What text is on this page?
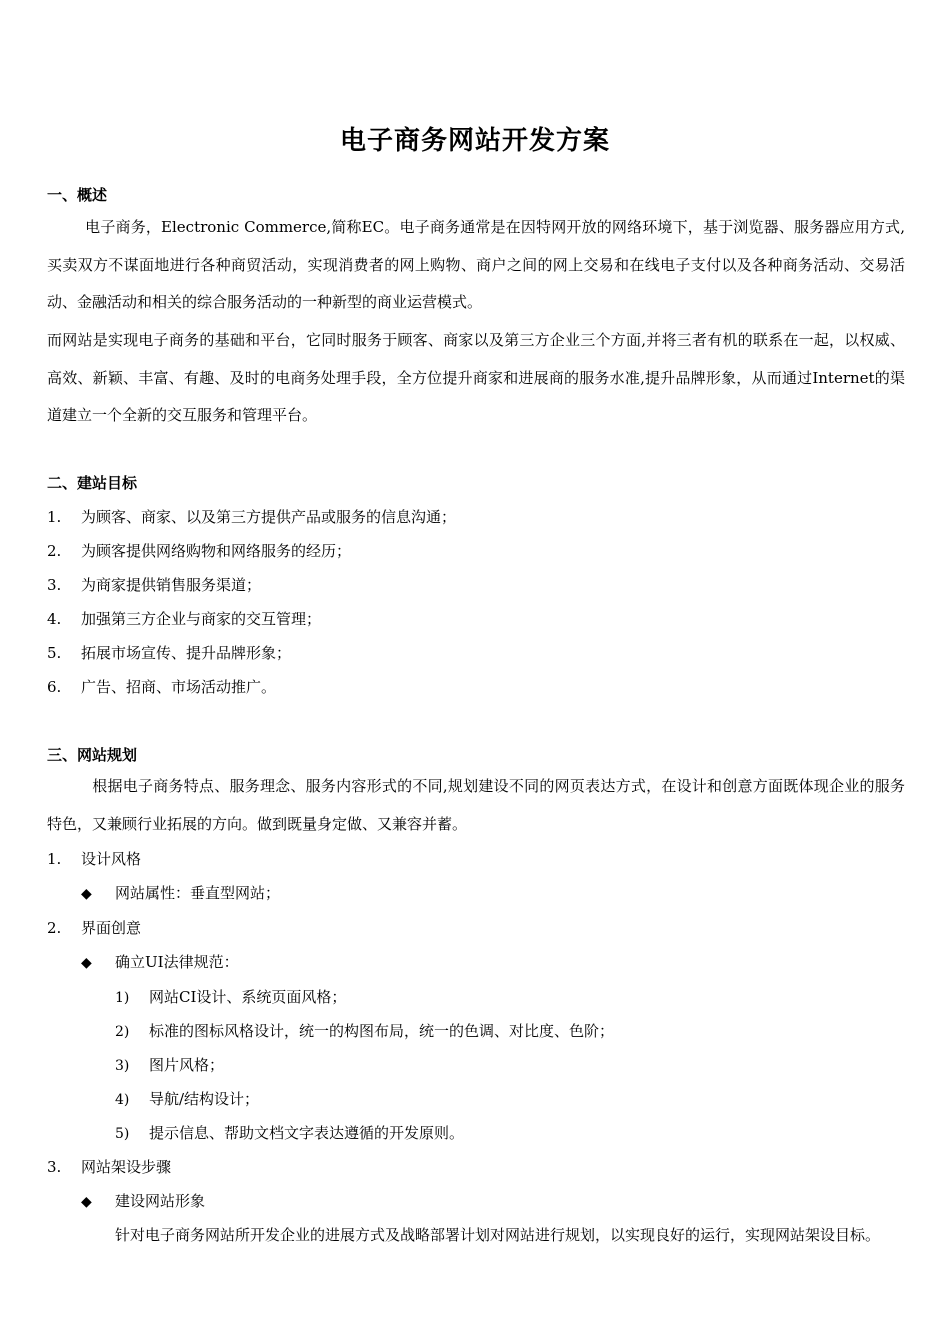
电子商务网站开发方案
一、概述
电子商务，Electronic Commerce,简称EC。电子商务通常是在因特网开放的网络环境下，基于浏览器、服务器应用方式,买卖双方不谋面地进行各种商贸活动，实现消费者的网上购物、商户之间的网上交易和在线电子支付以及各种商务活动、交易活动、金融活动和相关的综合服务活动的一种新型的商业运营模式。
而网站是实现电子商务的基础和平台，它同时服务于顾客、商家以及第三方企业三个方面,并将三者有机的联系在一起，以权威、高效、新颖、丰富、有趣、及时的电商务处理手段，全方位提升商家和进展商的服务水准,提升品牌形象，从而通过Internet的渠道建立一个全新的交互服务和管理平台。
二、建站目标
1. 为顾客、商家、以及第三方提供产品或服务的信息沟通；
2. 为顾客提供网络购物和网络服务的经历；
3. 为商家提供销售服务渠道；
4. 加强第三方企业与商家的交互管理；
5. 拓展市场宣传、提升品牌形象；
6. 广告、招商、市场活动推广。
三、网站规划
根据电子商务特点、服务理念、服务内容形式的不同,规划建设不同的网页表达方式，在设计和创意方面既体现企业的服务特色，又兼顾行业拓展的方向。做到既量身定做、又兼容并蓄。
1. 设计风格
◆ 网站属性：垂直型网站；
2. 界面创意
◆ 确立UI法律规范：
1) 网站CI设计、系统页面风格；
2) 标准的图标风格设计，统一的构图布局，统一的色调、对比度、色阶；
3) 图片风格；
4) 导航/结构设计；
5) 提示信息、帮助文档文字表达遵循的开发原则。
3. 网站架设步骤
◆ 建设网站形象
针对电子商务网站所开发企业的进展方式及战略部署计划对网站进行规划，以实现良好的运行，实现网站架设目标。
